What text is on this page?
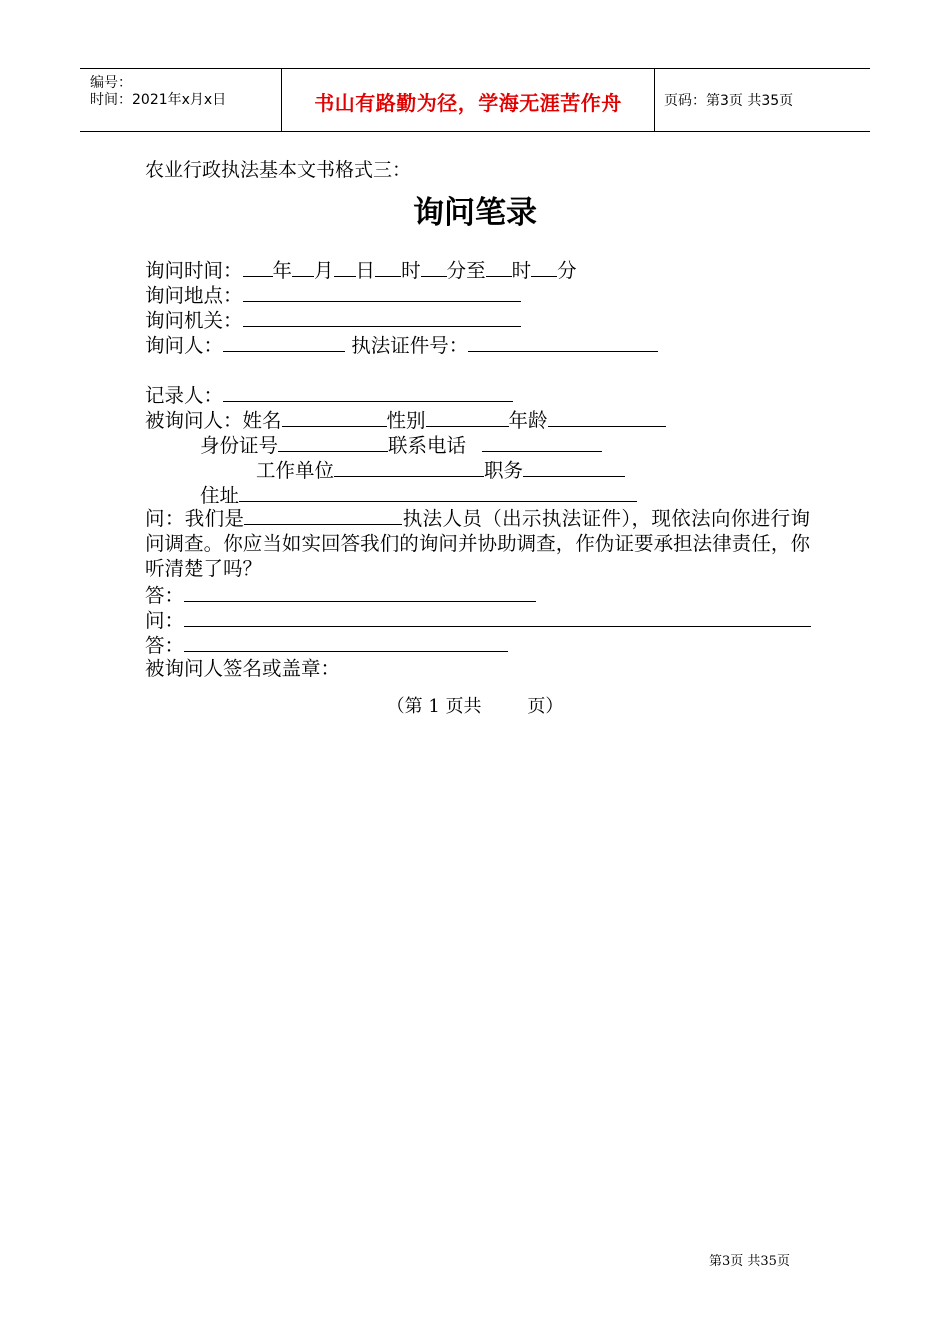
编号：
时间：2021年x月x日	书山有路勤为径，学海无涯苦作舟	页码：第3页 共35页
农业行政执法基本文书格式三：
询问笔录
询问时间： 年 月 日 时 分至 时 分
询问地点：
询问机关：
询问人：	执法证件号：
记录人：
被询问人：姓名	性别	年龄
身份证号	联系电话
工作单位	职务
住址
问：我们是	执法人员（出示执法证件），现依法向你进行询问调查。你应当如实回答我们的询问并协助调查，作伪证要承担法律责任，你听清楚了吗？
答：
问：
答：
被询问人签名或盖章：
（第 1 页共        页）
第3页 共35页
